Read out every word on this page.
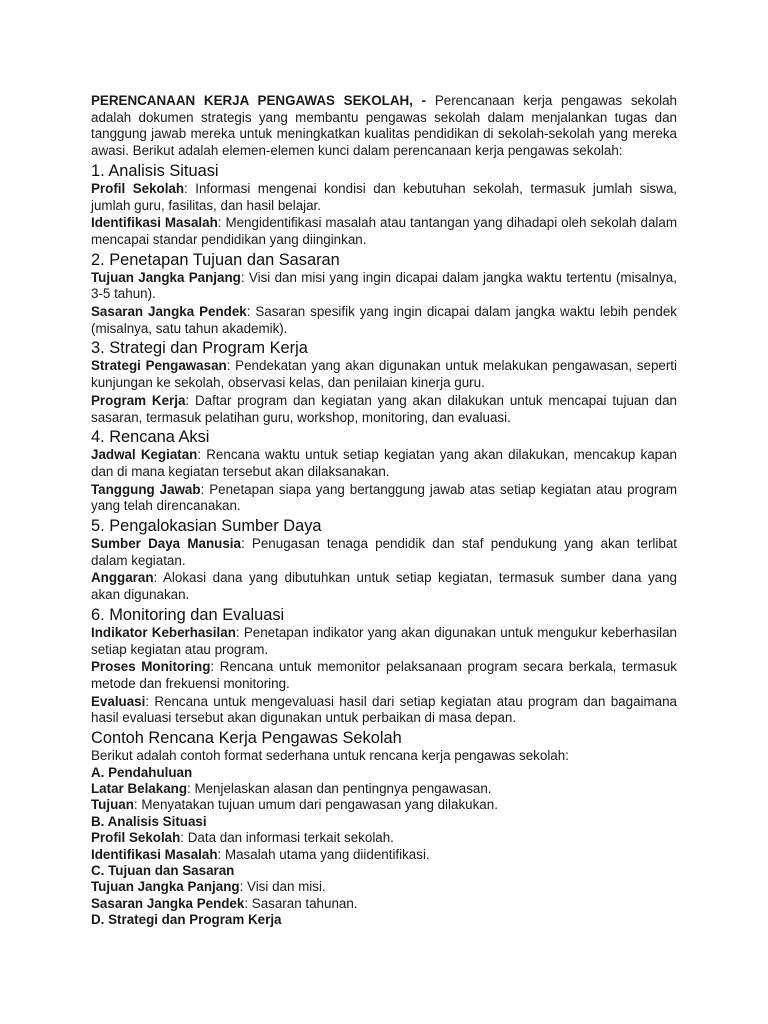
PERENCANAAN KERJA PENGAWAS SEKOLAH, - Perencanaan kerja pengawas sekolah adalah dokumen strategis yang membantu pengawas sekolah dalam menjalankan tugas dan tanggung jawab mereka untuk meningkatkan kualitas pendidikan di sekolah-sekolah yang mereka awasi. Berikut adalah elemen-elemen kunci dalam perencanaan kerja pengawas sekolah:

1. Analisis Situasi

Profil Sekolah: Informasi mengenai kondisi dan kebutuhan sekolah, termasuk jumlah siswa, jumlah guru, fasilitas, dan hasil belajar.

Identifikasi Masalah: Mengidentifikasi masalah atau tantangan yang dihadapi oleh sekolah dalam mencapai standar pendidikan yang diinginkan.

2. Penetapan Tujuan dan Sasaran

Tujuan Jangka Panjang: Visi dan misi yang ingin dicapai dalam jangka waktu tertentu (misalnya, 3-5 tahun).

Sasaran Jangka Pendek: Sasaran spesifik yang ingin dicapai dalam jangka waktu lebih pendek (misalnya, satu tahun akademik).

3. Strategi dan Program Kerja

Strategi Pengawasan: Pendekatan yang akan digunakan untuk melakukan pengawasan, seperti kunjungan ke sekolah, observasi kelas, dan penilaian kinerja guru.

Program Kerja: Daftar program dan kegiatan yang akan dilakukan untuk mencapai tujuan dan sasaran, termasuk pelatihan guru, workshop, monitoring, dan evaluasi.

4. Rencana Aksi

Jadwal Kegiatan: Rencana waktu untuk setiap kegiatan yang akan dilakukan, mencakup kapan dan di mana kegiatan tersebut akan dilaksanakan.

Tanggung Jawab: Penetapan siapa yang bertanggung jawab atas setiap kegiatan atau program yang telah direncanakan.

5. Pengalokasian Sumber Daya

Sumber Daya Manusia: Penugasan tenaga pendidik dan staf pendukung yang akan terlibat dalam kegiatan.

Anggaran: Alokasi dana yang dibutuhkan untuk setiap kegiatan, termasuk sumber dana yang akan digunakan.

6. Monitoring dan Evaluasi

Indikator Keberhasilan: Penetapan indikator yang akan digunakan untuk mengukur keberhasilan setiap kegiatan atau program.

Proses Monitoring: Rencana untuk memonitor pelaksanaan program secara berkala, termasuk metode dan frekuensi monitoring.

Evaluasi: Rencana untuk mengevaluasi hasil dari setiap kegiatan atau program dan bagaimana hasil evaluasi tersebut akan digunakan untuk perbaikan di masa depan.

Contoh Rencana Kerja Pengawas Sekolah

Berikut adalah contoh format sederhana untuk rencana kerja pengawas sekolah:

A. Pendahuluan

Latar Belakang: Menjelaskan alasan dan pentingnya pengawasan.

Tujuan: Menyatakan tujuan umum dari pengawasan yang dilakukan.

B. Analisis Situasi

Profil Sekolah: Data dan informasi terkait sekolah.

Identifikasi Masalah: Masalah utama yang diidentifikasi.

C. Tujuan dan Sasaran

Tujuan Jangka Panjang: Visi dan misi.

Sasaran Jangka Pendek: Sasaran tahunan.

D. Strategi dan Program Kerja
